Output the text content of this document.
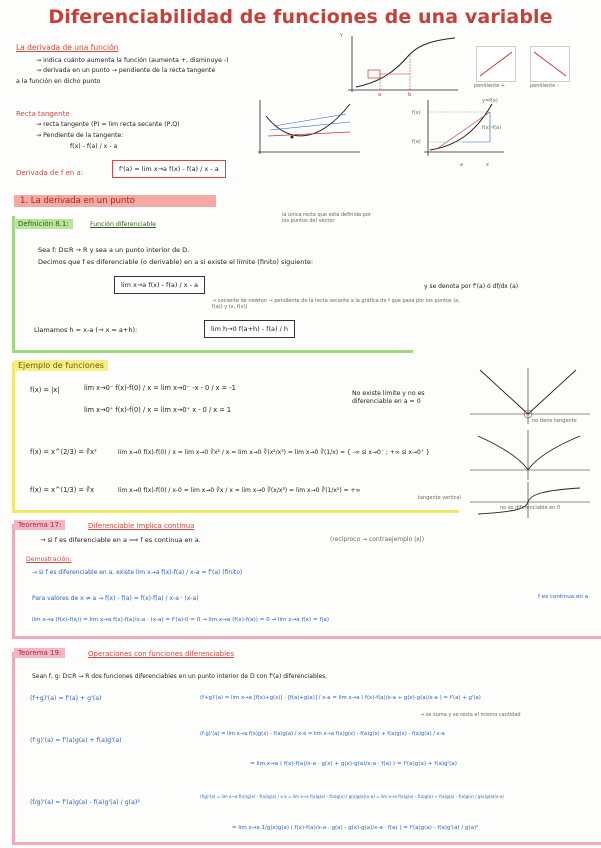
Diferenciabilidad de funciones de una variable
La derivada de una función
→ indica cuánto aumenta la función (aumenta +, disminuye -)
→ derivada en un punto → pendiente de la recta tangente
a la función en dicho punto
y
a	b
pendiente +	pendiente -
Recta tangente
→ recta tangente (P) = lim recta secante (P,Q)
→ Pendiente de la tangente:
f(x) - f(a) / x - a
Derivada de f en a:	f'(a) = lim x→a f(x) - f(a) / x - a
y=f(x)
f(x)
f(a)
a	x
f(x)-f(a)
1. La derivada en un punto
Definición 8.1:	Función diferenciable
la única recta que está definida por los puntos del vector
Sea f: D⊆R → R y sea a un punto interior de D.
Decimos que f es diferenciable (o derivable) en a si existe el límite (finito) siguiente:
lim x→a f(x) - f(a) / x - a	y se denota por f'(a) ó df/dx (a)
→ cociente de newton → pendiente de la recta secante a la gráfica de f que pasa por los puntos (a, f(a)) y (x, f(x))
Llamamos h = x-a (→ x = a+h):	lim h→0 f(a+h) - f(a) / h
Ejemplo de funciones
f(x) = |x|	lim x→0⁻ f(x)-f(0) / x = lim x→0⁻ -x - 0 / x = -1
lim x→0⁺ f(x)-f(0) / x = lim x→0⁺ x - 0 / x = 1
No existe límite y no es diferenciable en a = 0
f(x) = x^(2/3) = ∛x²	lim x→0 f(x)-f(0) / x = lim x→0 ∛x² / x = lim x→0 ∛(x²/x³) = lim x→0 ∛(1/x) = { -∞ si x→0⁻ ; +∞ si x→0⁺ }
f(x) = x^(1/3) = ∛x	lim x→0 f(x)-f(0) / x-0 = lim x→0 ∛x / x = lim x→0 ∛(x/x³) = lim x→0 ∛(1/x²) = +∞
no tiene tangente
tangente vertical
no es diferenciable en 0
Teorema 17:	Diferenciable implica continua
→ si f es diferenciable en a ⟹ f es continua en a.	(recíproco → contraejemplo |x|)
Demostración:
→ si f es diferenciable en a, existe lim x→a f(x)-f(a) / x-a = f'(a) (finito)
Para valores de x ≠ a → f(x) - f(a) = f(x)-f(a) / x-a · (x-a)
lim x→a (f(x)-f(a)) = lim x→a f(x)-f(a)/x-a · (x-a) = f'(a)·0 = 0 → lim x→a (f(x)-f(a)) = 0 → lim x→a f(x) = f(a)
f es continua en a
Teorema 19:	Operaciones con funciones diferenciables
Sean f, g: D⊆R → R dos funciones diferenciables en un punto interior de D con f'(a) diferenciables.
(f+g)'(a) = f'(a) + g'(a)	(f+g)'(a) = lim x→a [f(x)+g(x)] - [f(a)+g(a)] / x-a = lim x→a ( f(x)-f(a)/x-a + g(x)-g(a)/x-a ) = f'(a) + g'(a)
→ se suma y se resta el mismo cantidad
(f·g)'(a) = f'(a)g(a) + f(a)g'(a)
(f·g)'(a) = lim x→a f(x)g(x) - f(a)g(a) / x-a = lim x→a f(x)g(x) - f(a)g(x) + f(a)g(x) - f(a)g(a) / x-a
= lim x→a ( f(x)-f(a)/x-a · g(x) + g(x)-g(a)/x-a · f(a) ) = f'(a)g(a) + f(a)g'(a)
(f/g)'(a) = f'(a)g(a) - f(a)g'(a) / g(a)²
(f/g)'(a) = lim x→a f(x)/g(x) - f(a)/g(a) / x-a = lim x→a f(x)g(a) - f(a)g(x) / g(x)g(a)(x-a) = lim x→a f(x)g(a) - f(a)g(a) + f(a)g(a) - f(a)g(x) / g(x)g(a)(x-a)
= lim x→a 1/g(x)g(a) ( f(x)-f(a)/x-a · g(a) - g(x)-g(a)/x-a · f(a) ) = f'(a)g(a) - f(a)g'(a) / g(a)²
